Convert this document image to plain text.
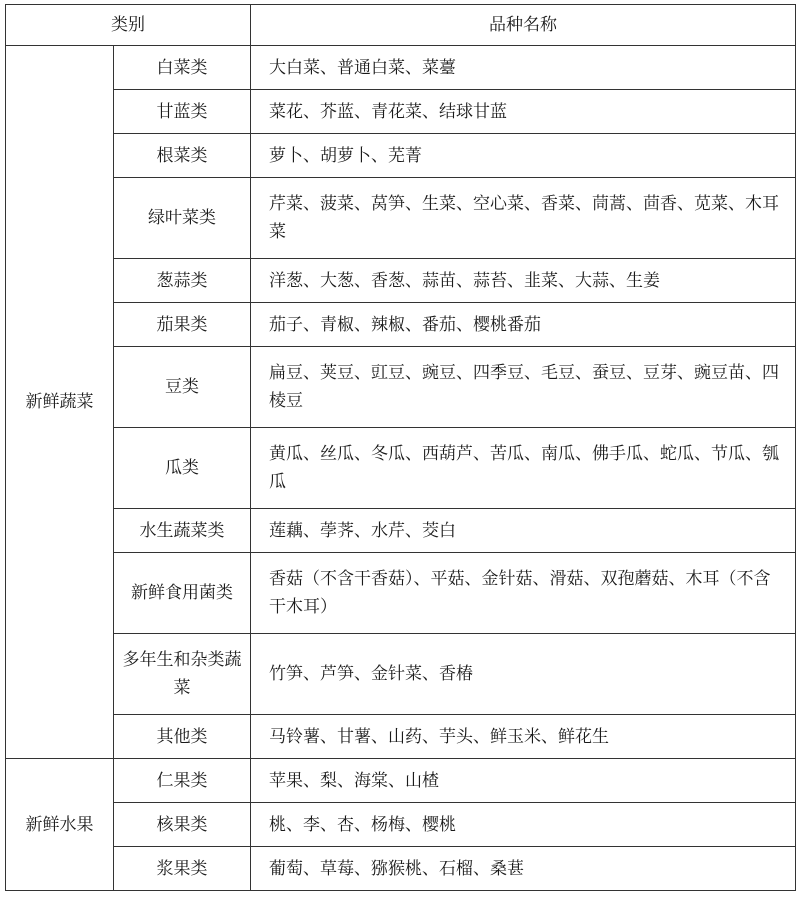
类别		品种名称
新鲜蔬菜	白菜类	大白菜、普通白菜、菜薹
	甘蓝类	菜花、芥蓝、青花菜、结球甘蓝
	根菜类	萝卜、胡萝卜、芜菁
	绿叶菜类	芹菜、菠菜、莴笋、生菜、空心菜、香菜、茼蒿、茴香、苋菜、木耳菜
	葱蒜类	洋葱、大葱、香葱、蒜苗、蒜苔、韭菜、大蒜、生姜
	茄果类	茄子、青椒、辣椒、番茄、樱桃番茄
	豆类	扁豆、荚豆、豇豆、豌豆、四季豆、毛豆、蚕豆、豆芽、豌豆苗、四棱豆
	瓜类	黄瓜、丝瓜、冬瓜、西葫芦、苦瓜、南瓜、佛手瓜、蛇瓜、节瓜、瓠瓜
	水生蔬菜类	莲藕、荸荠、水芹、茭白
	新鲜食用菌类	香菇（不含干香菇）、平菇、金针菇、滑菇、双孢蘑菇、木耳（不含干木耳）
	多年生和杂类蔬菜	竹笋、芦笋、金针菜、香椿
	其他类	马铃薯、甘薯、山药、芋头、鲜玉米、鲜花生
新鲜水果	仁果类	苹果、梨、海棠、山楂
	核果类	桃、李、杏、杨梅、樱桃
	浆果类	葡萄、草莓、猕猴桃、石榴、桑葚
